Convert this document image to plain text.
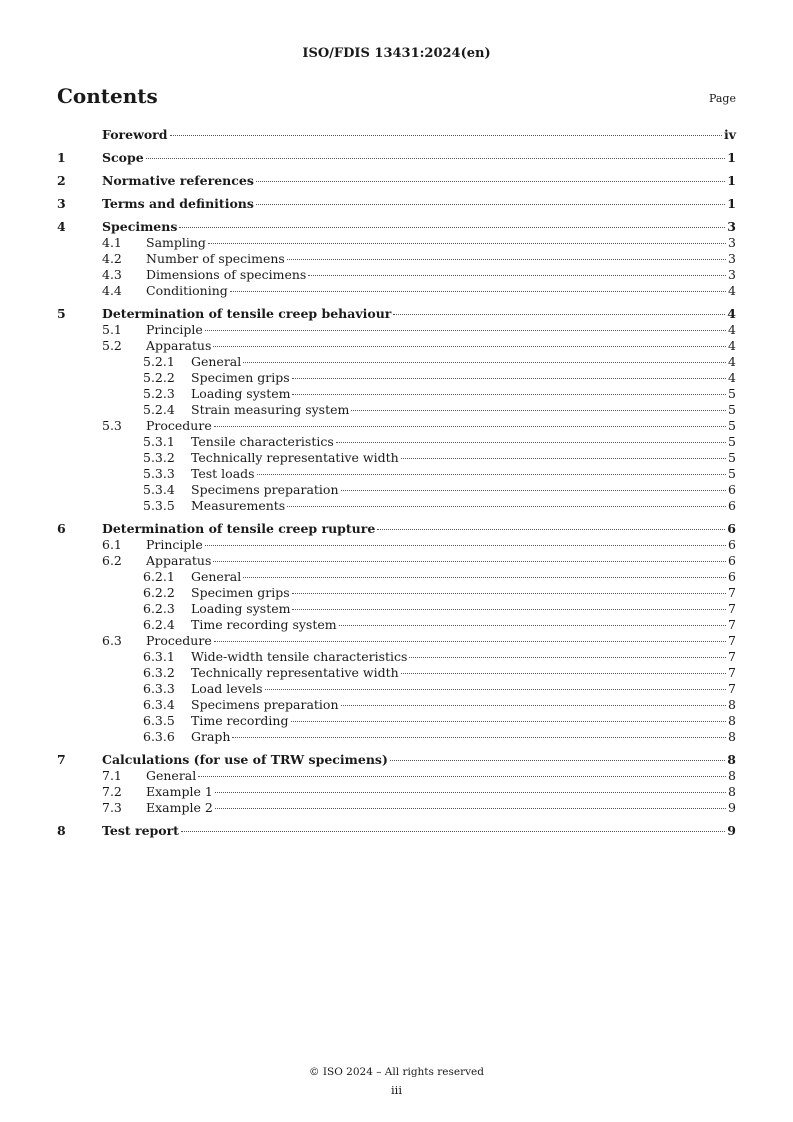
ISO/FDIS 13431:2024(en)
Contents	Page
Foreword	iv
1	Scope	1
2	Normative references	1
3	Terms and definitions	1
4	Specimens	3
4.1	Sampling	3
4.2	Number of specimens	3
4.3	Dimensions of specimens	3
4.4	Conditioning	4
5	Determination of tensile creep behaviour	4
5.1	Principle	4
5.2	Apparatus	4
5.2.1	General	4
5.2.2	Specimen grips	4
5.2.3	Loading system	5
5.2.4	Strain measuring system	5
5.3	Procedure	5
5.3.1	Tensile characteristics	5
5.3.2	Technically representative width	5
5.3.3	Test loads	5
5.3.4	Specimens preparation	6
5.3.5	Measurements	6
6	Determination of tensile creep rupture	6
6.1	Principle	6
6.2	Apparatus	6
6.2.1	General	6
6.2.2	Specimen grips	7
6.2.3	Loading system	7
6.2.4	Time recording system	7
6.3	Procedure	7
6.3.1	Wide-width tensile characteristics	7
6.3.2	Technically representative width	7
6.3.3	Load levels	7
6.3.4	Specimens preparation	8
6.3.5	Time recording	8
6.3.6	Graph	8
7	Calculations (for use of TRW specimens)	8
7.1	General	8
7.2	Example 1	8
7.3	Example 2	9
8	Test report	9
© ISO 2024 – All rights reserved
iii
